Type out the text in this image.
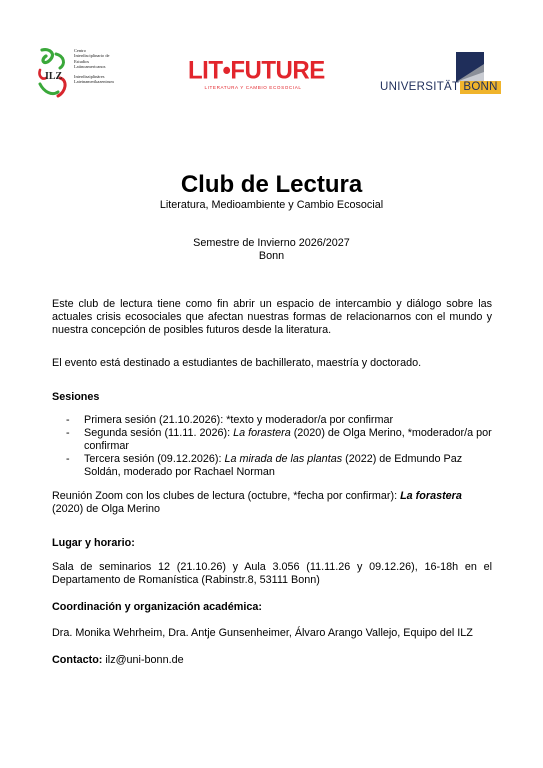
ILZ
Centro
Interdisciplinario de
Estudios
Latinoamericanos
Interdisziplinäres
Lateinamerikazentrum	LIT•FUTURE
LITERATURA Y CAMBIO ECOSOCIAL	UNIVERSITÄT BONN
Club de Lectura
Literatura, Medioambiente y Cambio Ecosocial
Semestre de Invierno 2026/2027
Bonn
Este club de lectura tiene como fin abrir un espacio de intercambio y diálogo sobre las actuales crisis ecosociales que afectan nuestras formas de relacionarnos con el mundo y nuestra concepción de posibles futuros desde la literatura.
El evento está destinado a estudiantes de bachillerato, maestría y doctorado.
Sesiones
- Primera sesión (21.10.2026): *texto y moderador/a por confirmar
- Segunda sesión (11.11. 2026): La forastera (2020) de Olga Merino, *moderador/a por confirmar
- Tercera sesión (09.12.2026): La mirada de las plantas (2022) de Edmundo Paz Soldán, moderado por Rachael Norman
Reunión Zoom con los clubes de lectura (octubre, *fecha por confirmar): La forastera (2020) de Olga Merino
Lugar y horario:
Sala de seminarios 12 (21.10.26) y Aula 3.056 (11.11.26 y 09.12.26), 16-18h en el Departamento de Romanística (Rabinstr.8, 53111 Bonn)
Coordinación y organización académica:
Dra. Monika Wehrheim, Dra. Antje Gunsenheimer, Álvaro Arango Vallejo, Equipo del ILZ
Contacto: ilz@uni-bonn.de
